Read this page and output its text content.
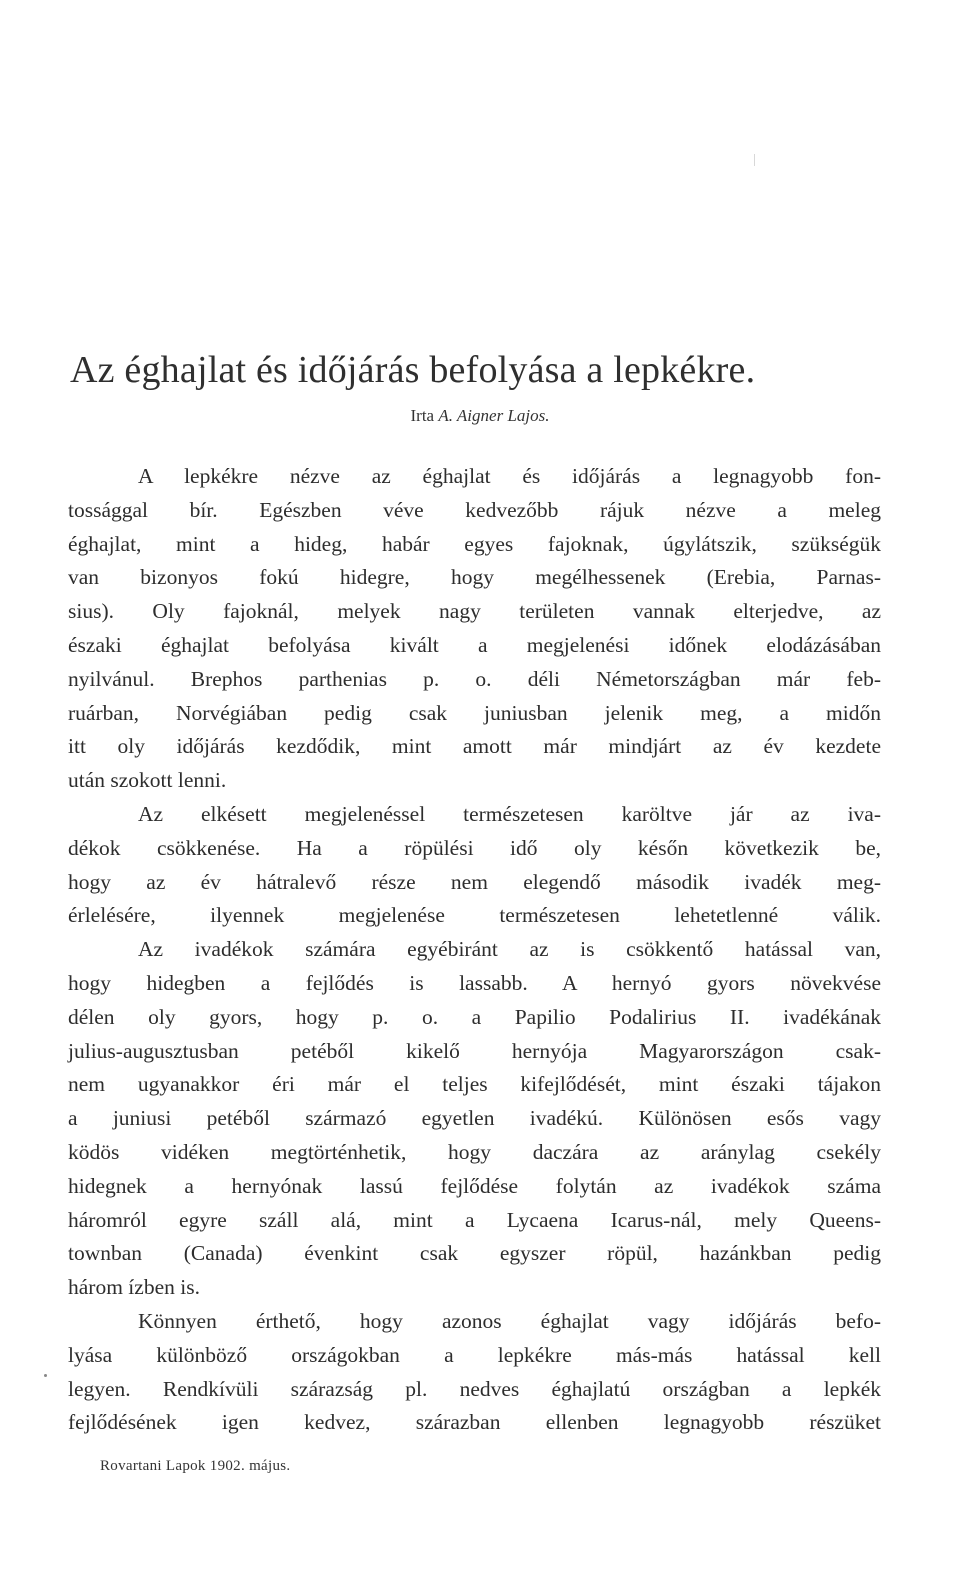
Az éghajlat és időjárás befolyása a lepkékre.
Irta A. Aigner Lajos.
A lepkékre nézve az éghajlat és időjárás a legnagyobb fon-
tossággal bír. Egészben véve kedvezőbb rájuk nézve a meleg
éghajlat, mint a hideg, habár egyes fajoknak, úgylátszik, szükségük
van bizonyos fokú hidegre, hogy megélhessenek (Erebia, Parnas-
sius). Oly fajoknál, melyek nagy területen vannak elterjedve, az
északi éghajlat befolyása kivált a megjelenési időnek elodázásában
nyilvánul. Brephos parthenias p. o. déli Németországban már feb-
ruárban, Norvégiában pedig csak juniusban jelenik meg, a midőn
itt oly időjárás kezdődik, mint amott már mindjárt az év kezdete
után szokott lenni.
Az elkésett megjelenéssel természetesen karöltve jár az iva-
dékok csökkenése. Ha a röpülési idő oly későn következik be,
hogy az év hátralevő része nem elegendő második ivadék meg-
érlelésére, ilyennek megjelenése természetesen lehetetlenné válik.
Az ivadékok számára egyébiránt az is csökkentő hatással van,
hogy hidegben a fejlődés is lassabb. A hernyó gyors növekvése
délen oly gyors, hogy p. o. a Papilio Podalirius II. ivadékának
julius-augusztusban petéből kikelő hernyója Magyarországon csak-
nem ugyanakkor éri már el teljes kifejlődését, mint északi tájakon
a juniusi petéből származó egyetlen ivadékú. Különösen esős vagy
ködös vidéken megtörténhetik, hogy daczára az aránylag csekély
hidegnek a hernyónak lassú fejlődése folytán az ivadékok száma
háromról egyre száll alá, mint a Lycaena Icarus-nál, mely Queens-
townban (Canada) évenkint csak egyszer röpül, hazánkban pedig
három ízben is.
Könnyen érthető, hogy azonos éghajlat vagy időjárás befo-
lyása különböző országokban a lepkékre más-más hatással kell
legyen. Rendkívüli szárazság pl. nedves éghajlatú országban a lepkék
fejlődésének igen kedvez, szárazban ellenben legnagyobb részüket
Rovartani Lapok 1902. május.
